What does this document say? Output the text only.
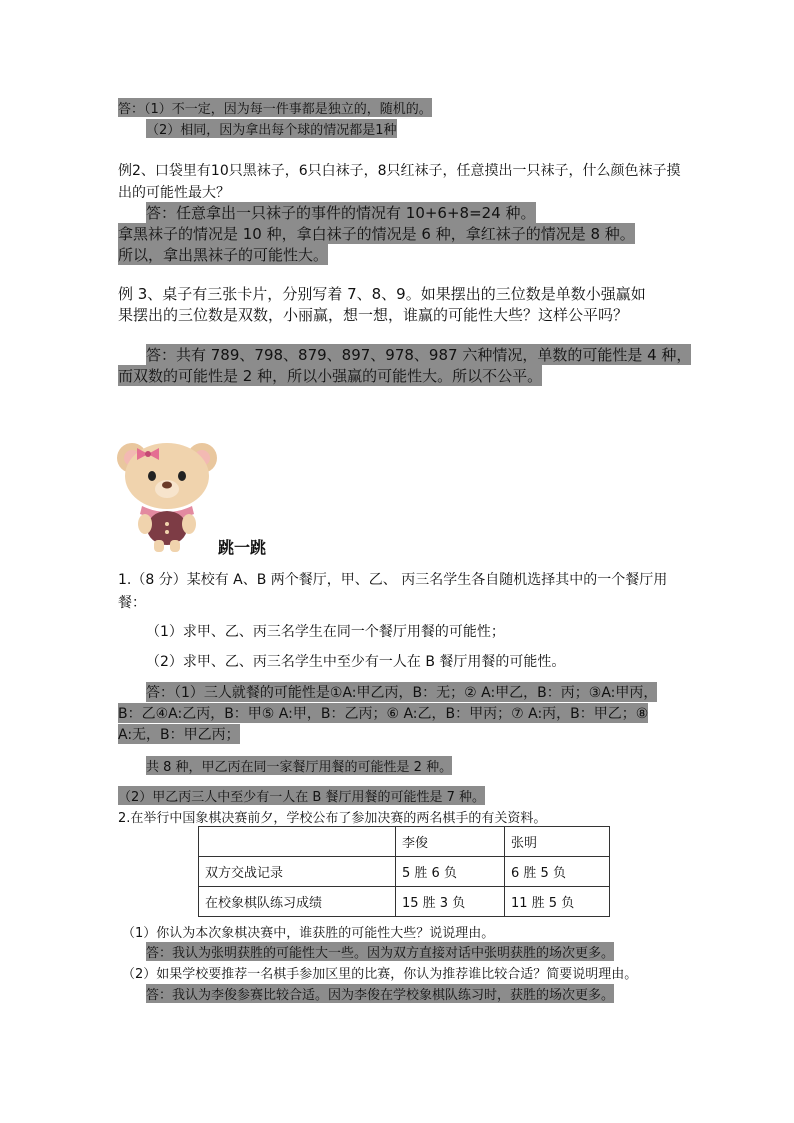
答：（1）不一定，因为每一件事都是独立的，随机的。
（2）相同，因为拿出每个球的情况都是1种
例2、口袋里有10只黑袜子，6只白袜子，8只红袜子，任意摸出一只袜子，什么颜色袜子摸
出的可能性最大？
答：任意拿出一只袜子的事件的情况有 10+6+8=24 种。
拿黑袜子的情况是 10 种，拿白袜子的情况是 6 种，拿红袜子的情况是 8 种。
所以，拿出黑袜子的可能性大。
例 3、桌子有三张卡片，分别写着 7、8、9。如果摆出的三位数是单数小强赢如
果摆出的三位数是双数，小丽赢，想一想，谁赢的可能性大些？这样公平吗？
答：共有 789、798、879、897、978、987 六种情况，单数的可能性是 4 种，
而双数的可能性是 2 种，所以小强赢的可能性大。所以不公平。
跳一跳
1.（8 分）某校有 A、B 两个餐厅，甲、乙、 丙三名学生各自随机选择其中的一个餐厅用
餐：
（1）求甲、乙、丙三名学生在同一个餐厅用餐的可能性；
（2）求甲、乙、丙三名学生中至少有一人在 B 餐厅用餐的可能性。
答：（1）三人就餐的可能性是①A:甲乙丙，B：无；② A:甲乙，B：丙；③A:甲丙，
B：乙④A:乙丙，B：甲⑤ A:甲，B：乙丙；⑥ A:乙，B：甲丙；⑦ A:丙，B：甲乙；⑧
A:无，B：甲乙丙；
共 8 种，甲乙丙在同一家餐厅用餐的可能性是 2 种。
（2）甲乙丙三人中至少有一人在 B 餐厅用餐的可能性是 7 种。
2.在举行中国象棋决赛前夕，学校公布了参加决赛的两名棋手的有关资料。
	李俊	张明
双方交战记录	5 胜 6 负	6 胜 5 负
在校象棋队练习成绩	15 胜 3 负	11 胜 5 负
（1）你认为本次象棋决赛中，谁获胜的可能性大些？说说理由。
答：我认为张明获胜的可能性大一些。因为双方直接对话中张明获胜的场次更多。
（2）如果学校要推荐一名棋手参加区里的比赛，你认为推荐谁比较合适？简要说明理由。
答：我认为李俊参赛比较合适。因为李俊在学校象棋队练习时，获胜的场次更多。
